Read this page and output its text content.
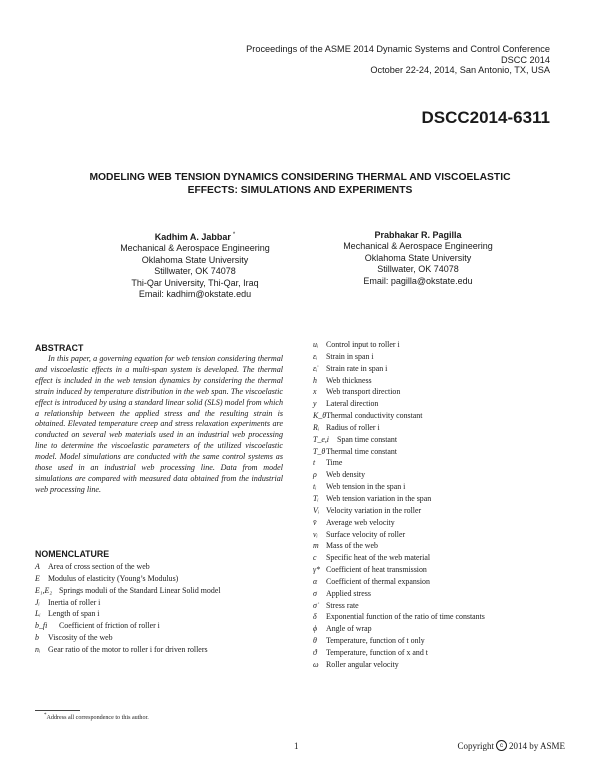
Proceedings of the ASME 2014 Dynamic Systems and Control Conference
DSCC 2014
October 22-24, 2014, San Antonio, TX, USA
DSCC2014-6311
MODELING WEB TENSION DYNAMICS CONSIDERING THERMAL AND VISCOELASTIC EFFECTS: SIMULATIONS AND EXPERIMENTS
Kadhim A. Jabbar *
Mechanical & Aerospace Engineering
Oklahoma State University
Stillwater, OK 74078
Thi-Qar University, Thi-Qar, Iraq
Email: kadhim@okstate.edu
Prabhakar R. Pagilla
Mechanical & Aerospace Engineering
Oklahoma State University
Stillwater, OK 74078
Email: pagilla@okstate.edu
ABSTRACT
In this paper, a governing equation for web tension considering thermal and viscoelastic effects in a multi-span system is developed. The thermal effect is included in the web tension dynamics by considering the thermal strain induced by temperature distribution in the web span. The viscoelastic effect is introduced by using a standard linear solid (SLS) model from which a relationship between the applied stress and the resulting strain is obtained. Elevated temperature creep and stress relaxation experiments are conducted on several web materials used in an industrial web processing line to determine the viscoelastic parameters of the utilized viscoelastic model. Model simulations are conducted with the same control systems as those used in an industrial web processing line. Data from model simulations are compared with measured data obtained from the industrial web processing line.
NOMENCLATURE
A	Area of cross section of the web
E	Modulus of elasticity (Young’s Modulus)
E₁,E₂ Springs moduli of the Standard Linear Solid model
Jᵢ	Inertia of roller i
Lᵢ Length of span i
b_fi	Coefficient of friction of roller i
b	Viscosity of the web
nᵢ Gear ratio of the motor to roller i for driven rollers
uᵢ Control input to roller i
εᵢ	Strain in span i
ε̇ᵢ	Strain rate in span i
h	Web thickness
x	Web transport direction
y	Lateral direction
K_θ Thermal conductivity constant
Rᵢ Radius of roller i
T_e,i	Span time constant
T_θ Thermal time constant
t	Time
ρ	Web density
tᵢ	Web tension in the span i
Tᵢ Web tension variation in the span
Vᵢ Velocity variation in the roller
v̄	Average web velocity
vᵢ	Surface velocity of roller
m Mass of the web
c	Specific heat of the web material
γ* Coefficient of heat transmission
α	Coefficient of thermal expansion
σ	Applied stress
σ̇	Stress rate
δ	Exponential function of the ratio of time constants
ϕ	Angle of wrap
θ	Temperature, function of t only
ϑ	Temperature, function of x and t
ω Roller angular velocity
*Address all correspondence to this author.
1	Copyright c 2014 by ASME
